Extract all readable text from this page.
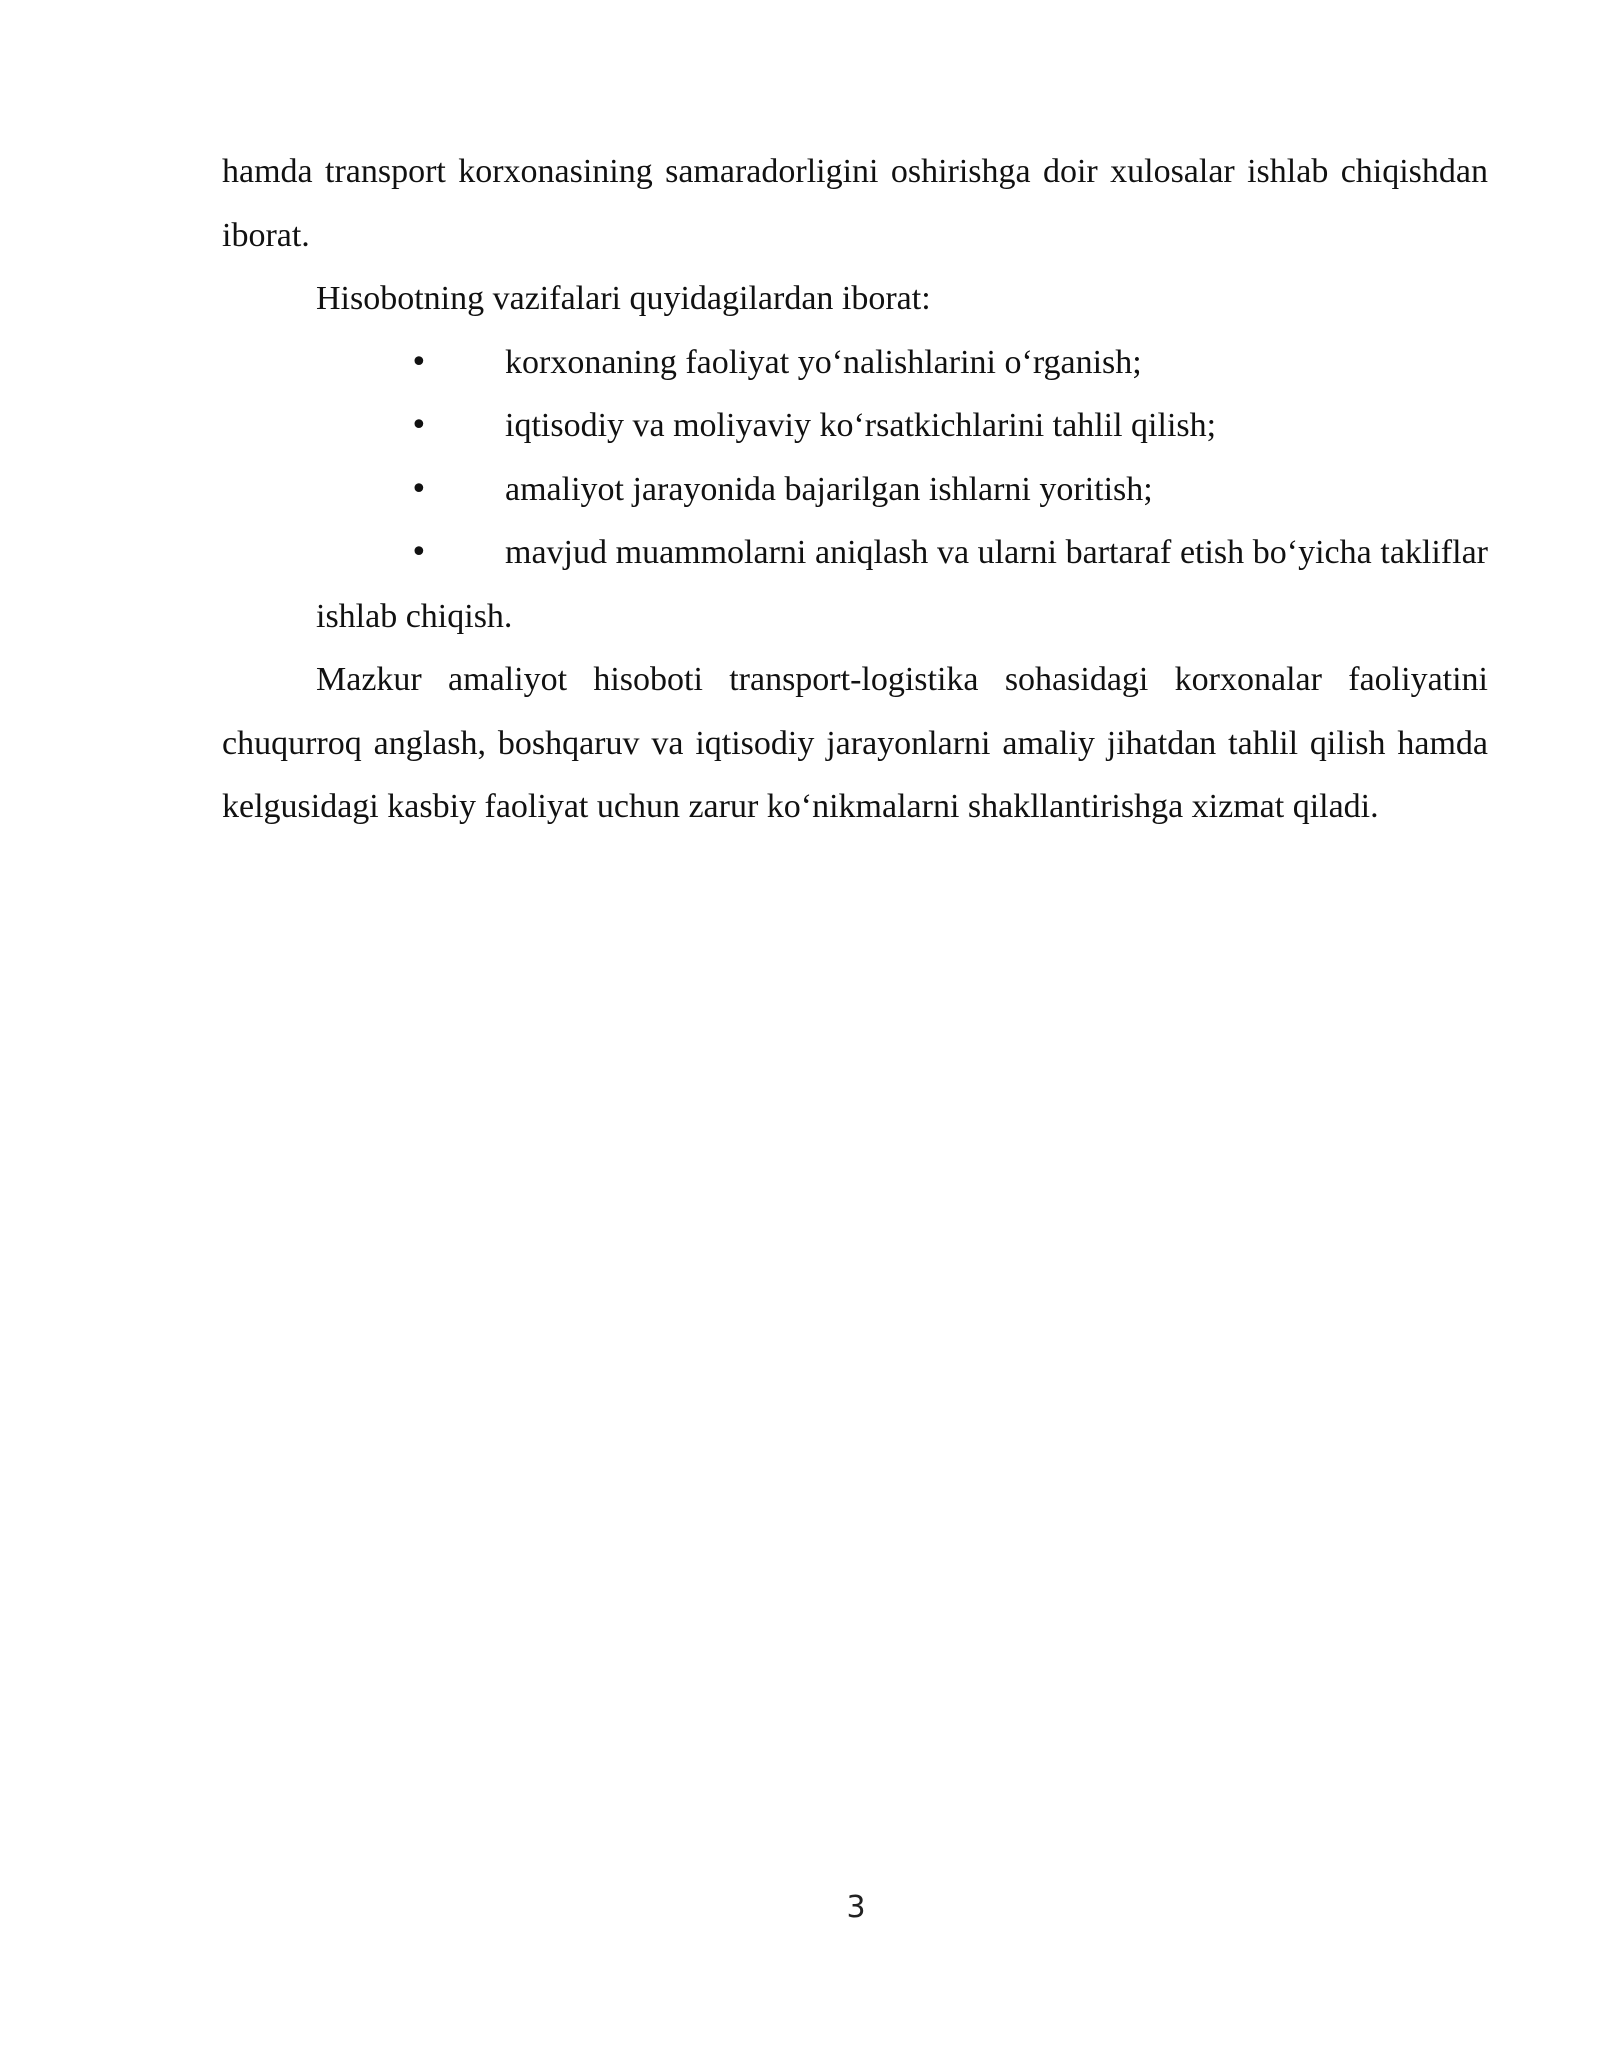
hamda transport korxonasining samaradorligini oshirishga doir xulosalar ishlab chiqishdan iborat.

Hisobotning vazifalari quyidagilardan iborat:

•	korxonaning faoliyat yo‘nalishlarini o‘rganish;
•	iqtisodiy va moliyaviy ko‘rsatkichlarini tahlil qilish;
•	amaliyot jarayonida bajarilgan ishlarni yoritish;
•	mavjud muammolarni aniqlash va ularni bartaraf etish bo‘yicha takliflar ishlab chiqish.

Mazkur amaliyot hisoboti transport-logistika sohasidagi korxonalar faoliyatini chuqurroq anglash, boshqaruv va iqtisodiy jarayonlarni amaliy jihatdan tahlil qilish hamda kelgusidagi kasbiy faoliyat uchun zarur ko‘nikmalarni shakllantirishga xizmat qiladi.

3
